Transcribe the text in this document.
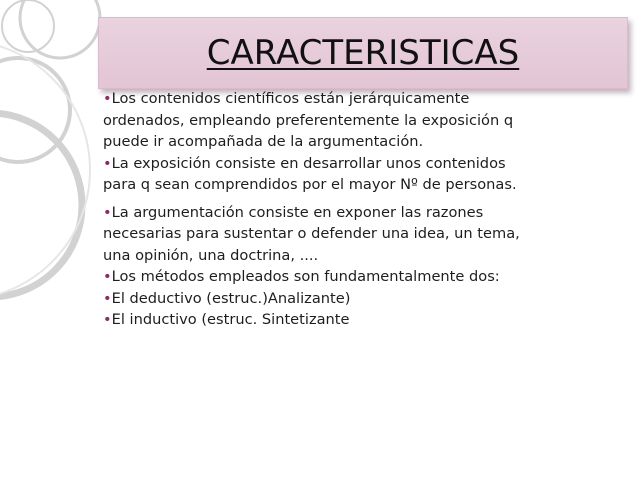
CARACTERISTICAS

•Los contenidos científicos están jerárquicamente
ordenados, empleando preferentemente la exposición q
puede ir acompañada de la argumentación.

•La exposición consiste en desarrollar unos contenidos
para q sean comprendidos por el mayor Nº de personas.

•La argumentación consiste en exponer las razones
necesarias para sustentar o defender una idea, un tema,
una opinión, una doctrina, ....

•Los métodos empleados son fundamentalmente dos:

•El deductivo (estruc.)Analizante)

•El inductivo (estruc. Sintetizante
